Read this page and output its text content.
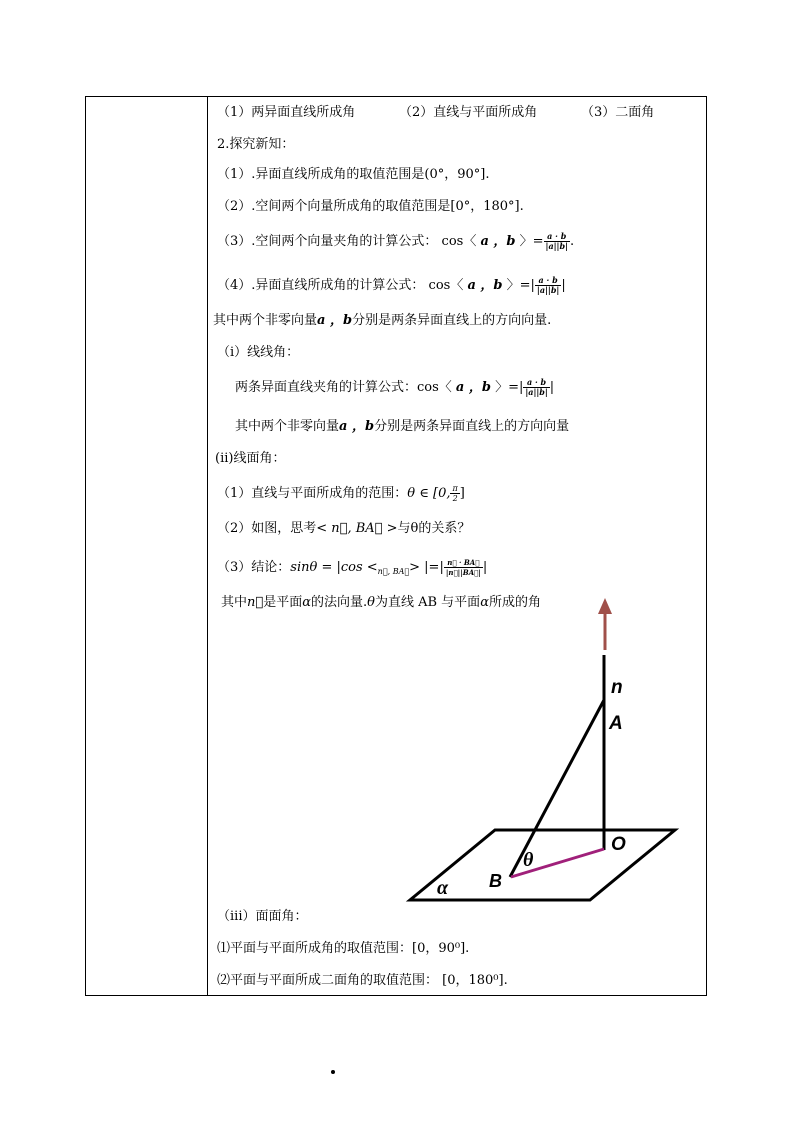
（1）两异面直线所成角	（2）直线与平面所成角	（3）二面角
2.探究新知：
（1）.异面直线所成角的取值范围是(0°，90°].
（2）.空间两个向量所成角的取值范围是[0°，180°].
（3）.空间两个向量夹角的计算公式： cos〈 a ，b 〉= $\frac{a \cdot b}{|a||b|}$ .
（4）.异面直线所成角的计算公式： cos〈 a ，b 〉=| $\frac{a \cdot b}{|a||b|}$ |
其中两个非零向量a ，b分别是两条异面直线上的方向向量.
（i）线线角：
两条异面直线夹角的计算公式：cos〈 a ，b 〉=| $\frac{a \cdot b}{|a||b|}$ |
其中两个非零向量a ，b分别是两条异面直线上的方向向量
(ii)线面角：
（1）直线与平面所成角的范围：θ ∈ [0, $\frac{\pi}{2}$ ]
（2）如图，思考< n⃗, BA⃗ >与θ的关系？
（3）结论：$\sin\theta = |\cos <_{n⃗, BA⃗}>$ |=| $\frac{n⃗ \cdot BA⃗}{|n⃗||BA⃗|}$ |
其中n⃗是平面α的法向量.θ为直线 AB 与平面α所成的角
（iii）面面角：
⑴平面与平面所成角的取值范围：[0，90⁰].
⑵平面与平面所成二面角的取值范围： [0，180⁰].
n
A
O
B
θ
α
